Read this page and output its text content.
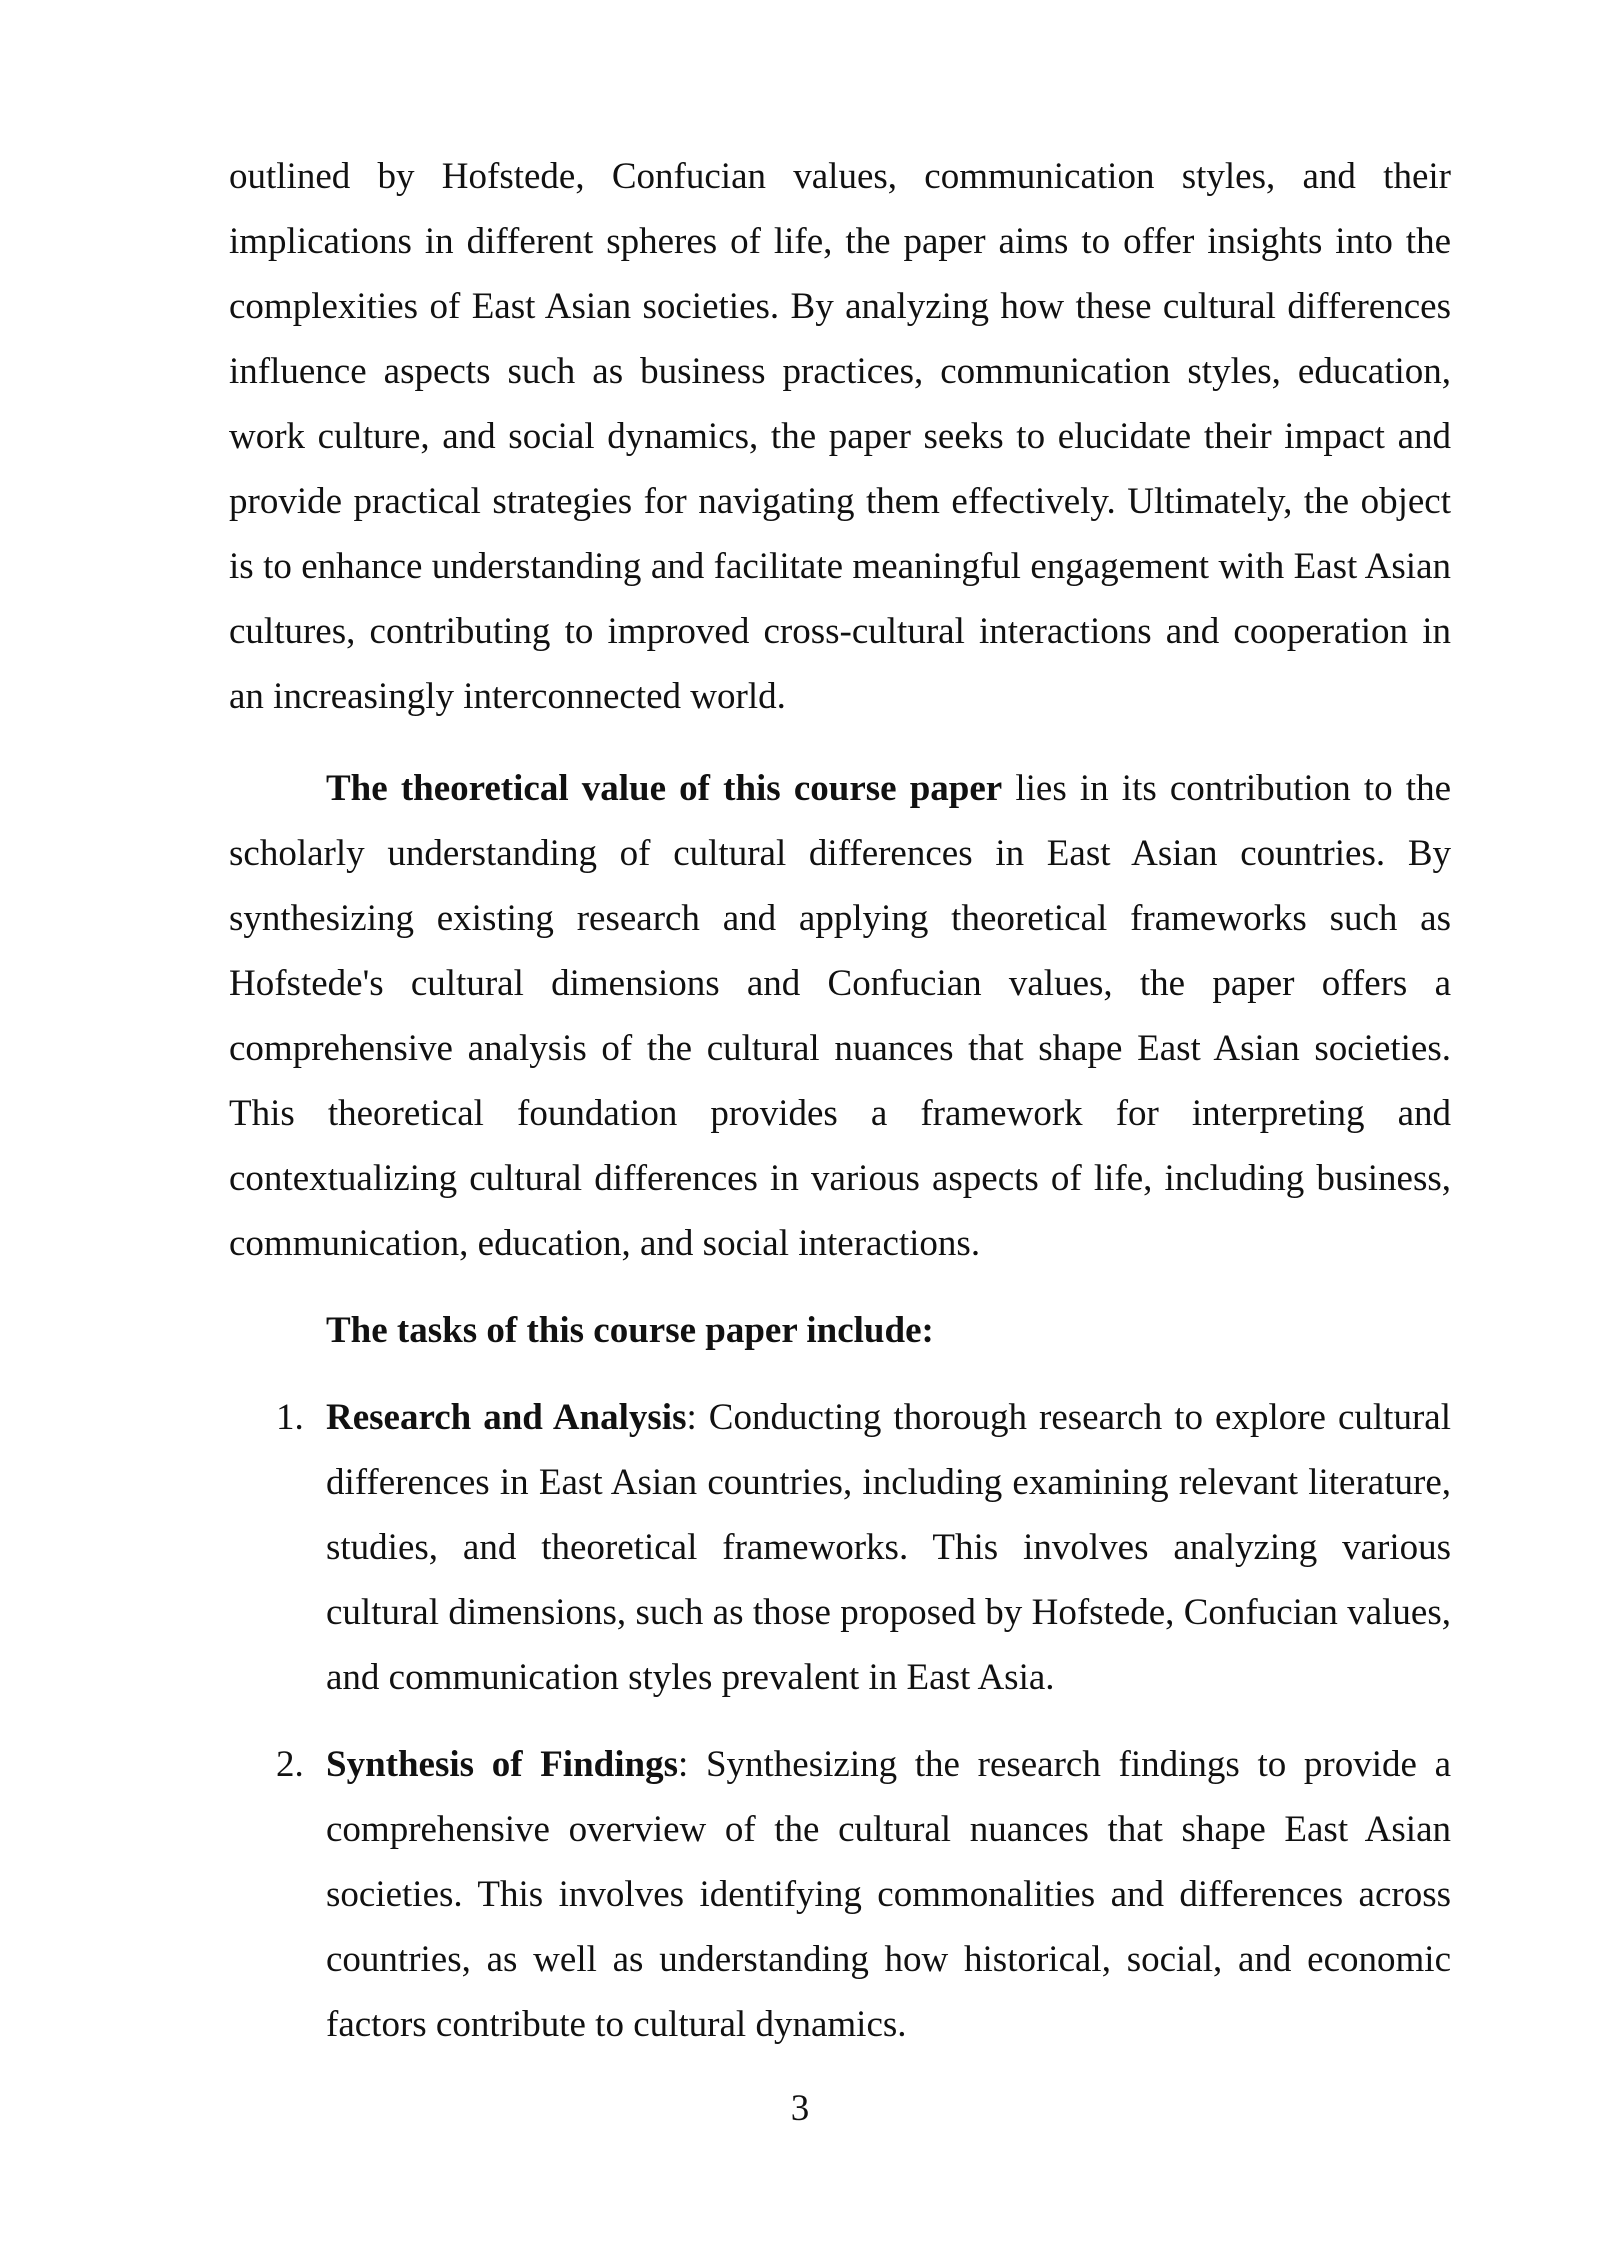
outlined by Hofstede, Confucian values, communication styles, and their implications in different spheres of life, the paper aims to offer insights into the complexities of East Asian societies. By analyzing how these cultural differences influence aspects such as business practices, communication styles, education, work culture, and social dynamics, the paper seeks to elucidate their impact and provide practical strategies for navigating them effectively. Ultimately, the object is to enhance understanding and facilitate meaningful engagement with East Asian cultures, contributing to improved cross-cultural interactions and cooperation in an increasingly interconnected world.

The theoretical value of this course paper lies in its contribution to the scholarly understanding of cultural differences in East Asian countries. By synthesizing existing research and applying theoretical frameworks such as Hofstede's cultural dimensions and Confucian values, the paper offers a comprehensive analysis of the cultural nuances that shape East Asian societies. This theoretical foundation provides a framework for interpreting and contextualizing cultural differences in various aspects of life, including business, communication, education, and social interactions.

The tasks of this course paper include:

1. Research and Analysis: Conducting thorough research to explore cultural differences in East Asian countries, including examining relevant literature, studies, and theoretical frameworks. This involves analyzing various cultural dimensions, such as those proposed by Hofstede, Confucian values, and communication styles prevalent in East Asia.

2. Synthesis of Findings: Synthesizing the research findings to provide a comprehensive overview of the cultural nuances that shape East Asian societies. This involves identifying commonalities and differences across countries, as well as understanding how historical, social, and economic factors contribute to cultural dynamics.

3
